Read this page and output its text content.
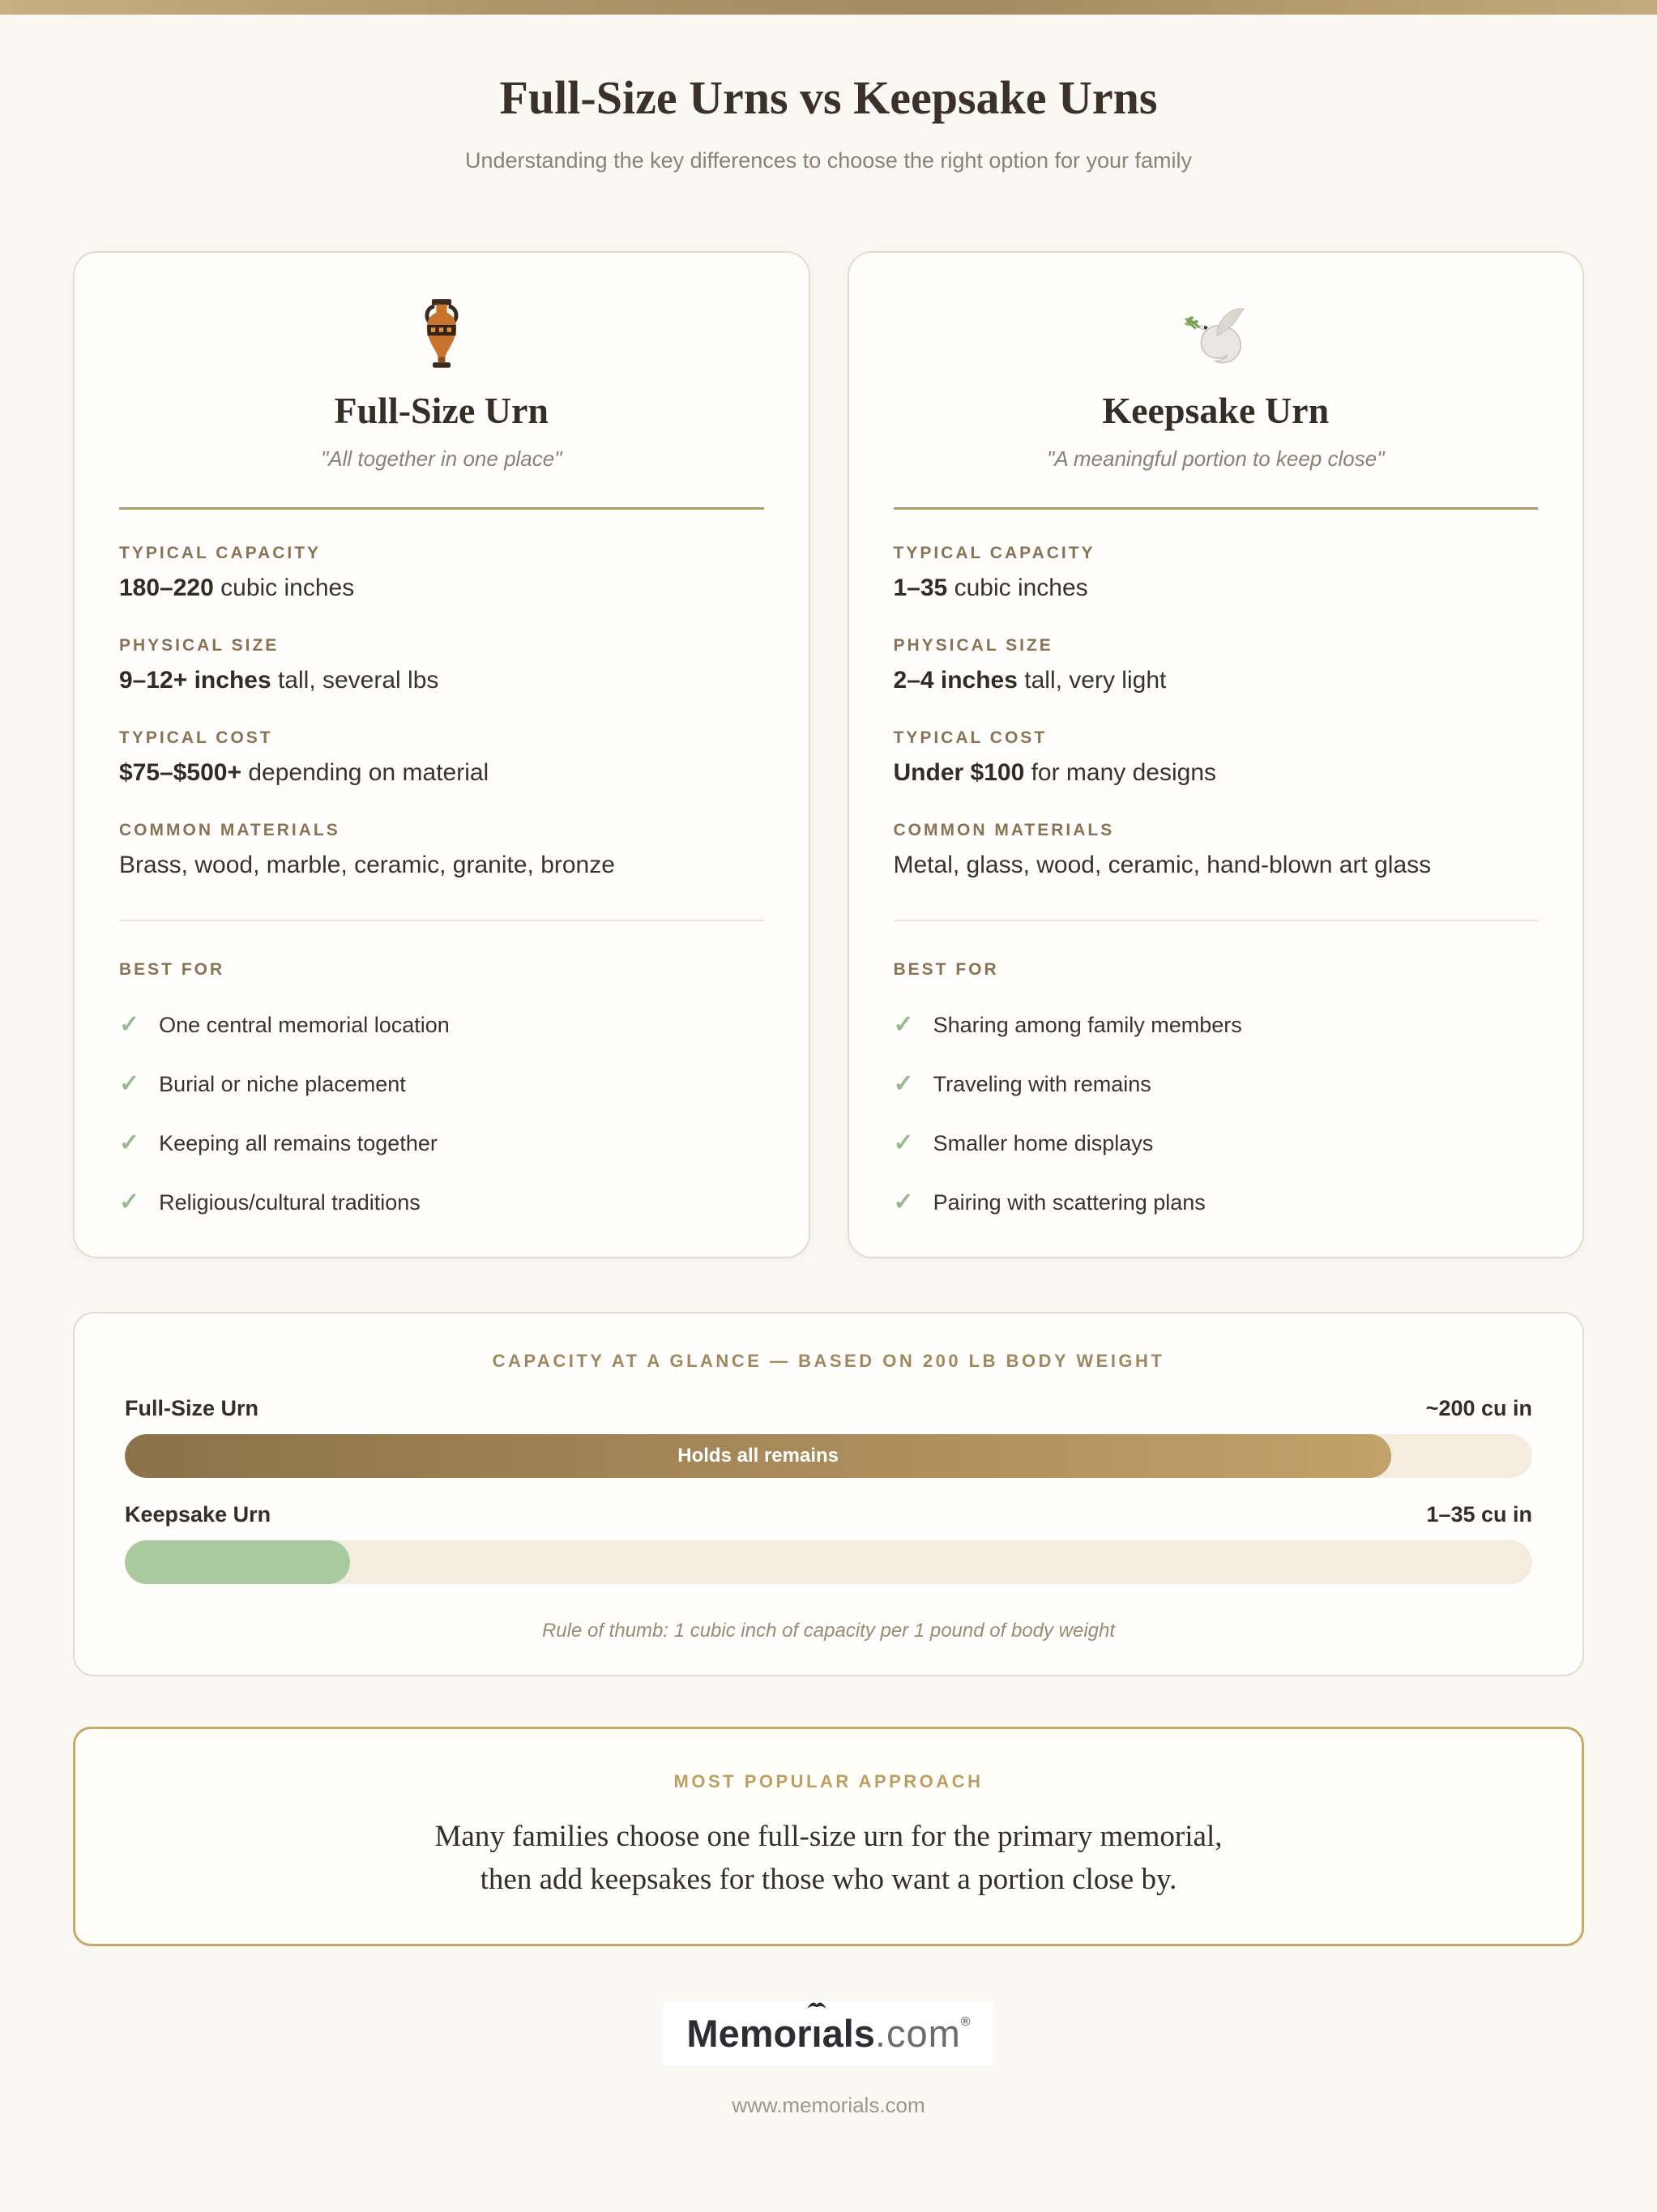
Full-Size Urns vs Keepsake Urns
Understanding the key differences to choose the right option for your family
Full-Size Urn

"All together in one place"

TYPICAL CAPACITY
180–220 cubic inches
PHYSICAL SIZE
9–12+ inches tall, several lbs
TYPICAL COST
$75–$500+ depending on material
COMMON MATERIALS
Brass, wood, marble, ceramic, granite, bronze
BEST FOR
✓ One central memorial location
✓ Burial or niche placement
✓ Keeping all remains together
✓ Religious/cultural traditions
Keepsake Urn

"A meaningful portion to keep close"

TYPICAL CAPACITY
1–35 cubic inches
PHYSICAL SIZE
2–4 inches tall, very light
TYPICAL COST
Under $100 for many designs
COMMON MATERIALS
Metal, glass, wood, ceramic, hand-blown art glass
BEST FOR
✓ Sharing among family members
✓ Traveling with remains
✓ Smaller home displays
✓ Pairing with scattering plans
CAPACITY AT A GLANCE — BASED ON 200 LB BODY WEIGHT
Full-Size Urn	~200 cu in
Holds all remains
Keepsake Urn	1–35 cu in

Rule of thumb: 1 cubic inch of capacity per 1 pound of body weight

MOST POPULAR APPROACH
Many families choose one full-size urn for the primary memorial,
then add keepsakes for those who want a portion close by.
Memor
ıals.com®
www.memorials.com
